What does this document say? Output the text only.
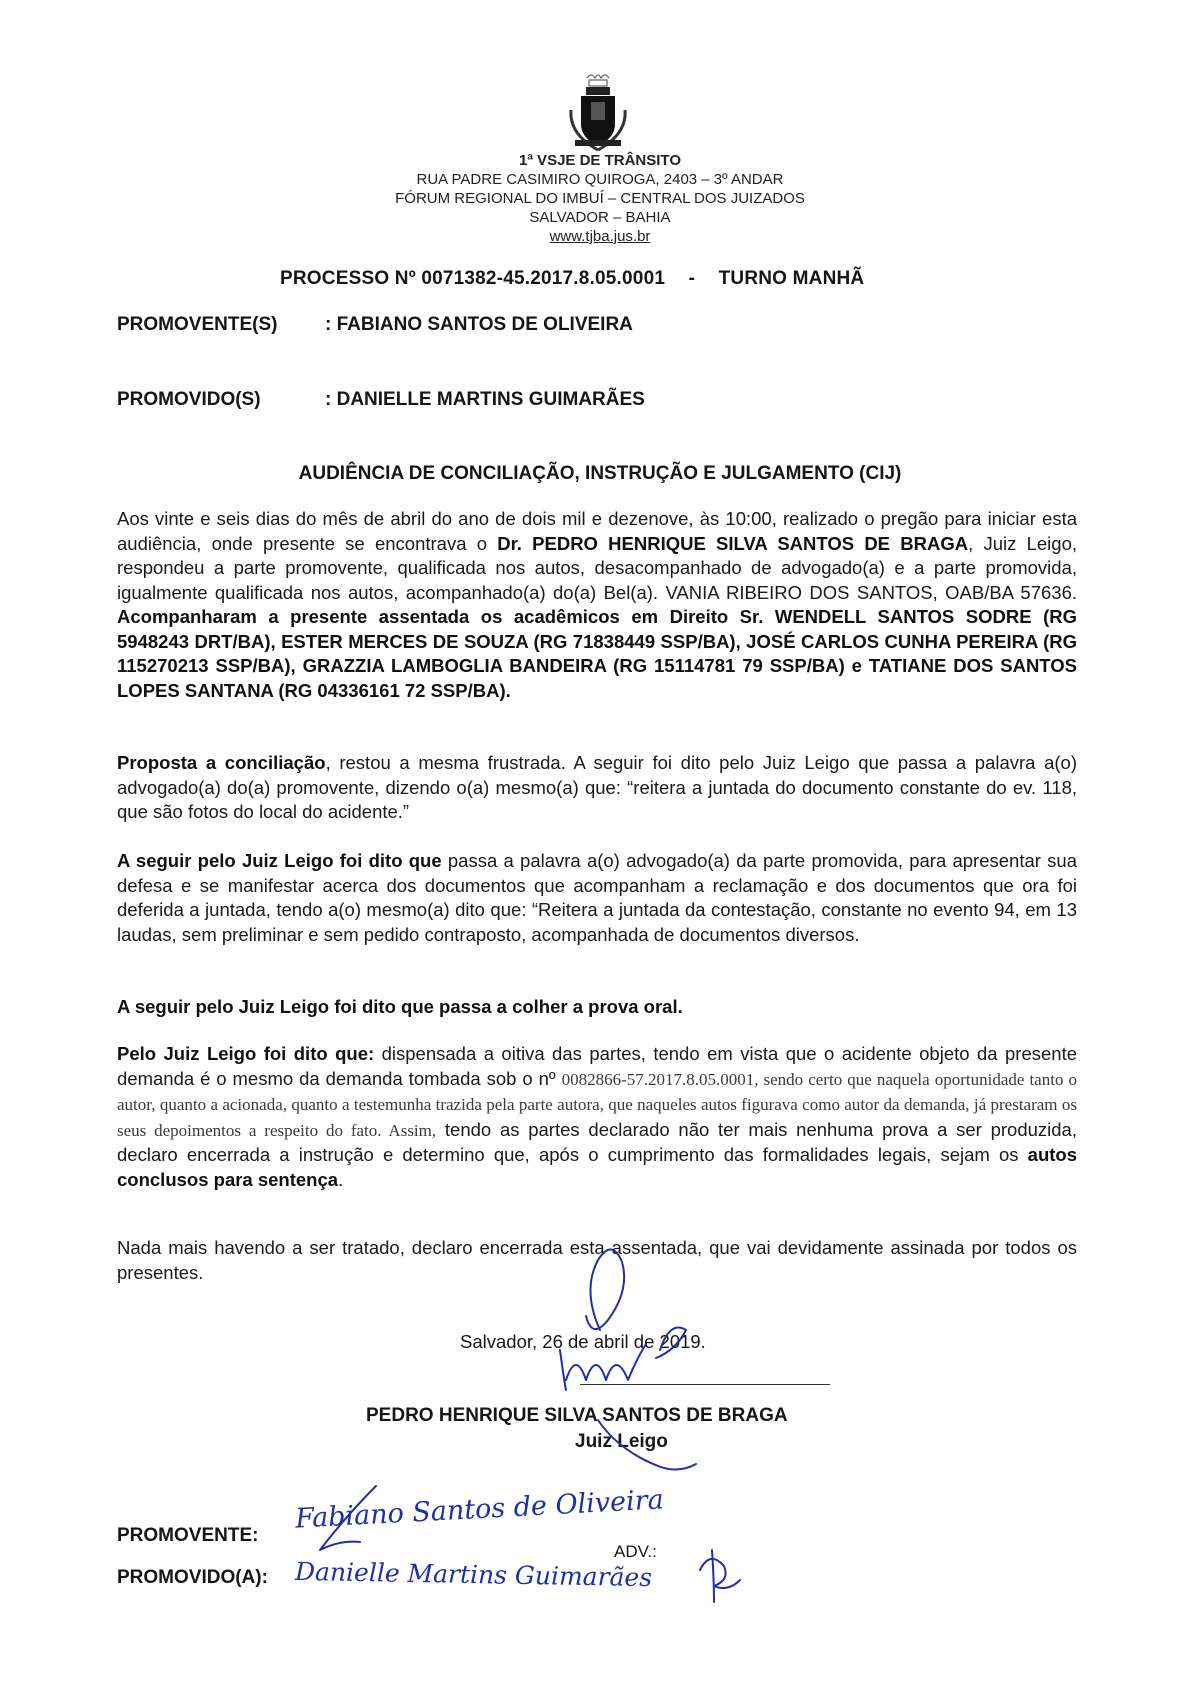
1ª VSJE DE TRÂNSITO
RUA PADRE CASIMIRO QUIROGA, 2403 – 3º ANDAR
FÓRUM REGIONAL DO IMBUÍ – CENTRAL DOS JUIZADOS
SALVADOR – BAHIA
www.tjba.jus.br
PROCESSO Nº 0071382-45.2017.8.05.0001 - TURNO MANHÃ
PROMOVENTE(S)	: FABIANO SANTOS DE OLIVEIRA
PROMOVIDO(S)	: DANIELLE MARTINS GUIMARÃES
AUDIÊNCIA DE CONCILIAÇÃO, INSTRUÇÃO E JULGAMENTO (CIJ)
Aos vinte e seis dias do mês de abril do ano de dois mil e dezenove, às 10:00, realizado o pregão para iniciar esta audiência, onde presente se encontrava o Dr. PEDRO HENRIQUE SILVA SANTOS DE BRAGA, Juiz Leigo, respondeu a parte promovente, qualificada nos autos, desacompanhado de advogado(a) e a parte promovida, igualmente qualificada nos autos, acompanhado(a) do(a) Bel(a). VANIA RIBEIRO DOS SANTOS, OAB/BA 57636. Acompanharam a presente assentada os acadêmicos em Direito Sr. WENDELL SANTOS SODRE (RG 5948243 DRT/BA), ESTER MERCES DE SOUZA (RG 71838449 SSP/BA), JOSÉ CARLOS CUNHA PEREIRA (RG 115270213 SSP/BA), GRAZZIA LAMBOGLIA BANDEIRA (RG 15114781 79 SSP/BA) e TATIANE DOS SANTOS LOPES SANTANA (RG 04336161 72 SSP/BA).
Proposta a conciliação, restou a mesma frustrada. A seguir foi dito pelo Juiz Leigo que passa a palavra a(o) advogado(a) do(a) promovente, dizendo o(a) mesmo(a) que: “reitera a juntada do documento constante do ev. 118, que são fotos do local do acidente.”
A seguir pelo Juiz Leigo foi dito que passa a palavra a(o) advogado(a) da parte promovida, para apresentar sua defesa e se manifestar acerca dos documentos que acompanham a reclamação e dos documentos que ora foi deferida a juntada, tendo a(o) mesmo(a) dito que: “Reitera a juntada da contestação, constante no evento 94, em 13 laudas, sem preliminar e sem pedido contraposto, acompanhada de documentos diversos.
A seguir pelo Juiz Leigo foi dito que passa a colher a prova oral.
Pelo Juiz Leigo foi dito que: dispensada a oitiva das partes, tendo em vista que o acidente objeto da presente demanda é o mesmo da demanda tombada sob o nº 0082866-57.2017.8.05.0001, sendo certo que naquela oportunidade tanto o autor, quanto a acionada, quanto a testemunha trazida pela parte autora, que naqueles autos figurava como autor da demanda, já prestaram os seus depoimentos a respeito do fato. Assim, tendo as partes declarado não ter mais nenhuma prova a ser produzida, declaro encerrada a instrução e determino que, após o cumprimento das formalidades legais, sejam os autos conclusos para sentença.
Nada mais havendo a ser tratado, declaro encerrada esta assentada, que vai devidamente assinada por todos os presentes.
Salvador, 26 de abril de 2019.
PEDRO HENRIQUE SILVA SANTOS DE BRAGA
Juiz Leigo
PROMOVENTE:
Fabiano Santos de Oliveira
PROMOVIDO(A): Danielle Martins Guimarães
ADV.:
